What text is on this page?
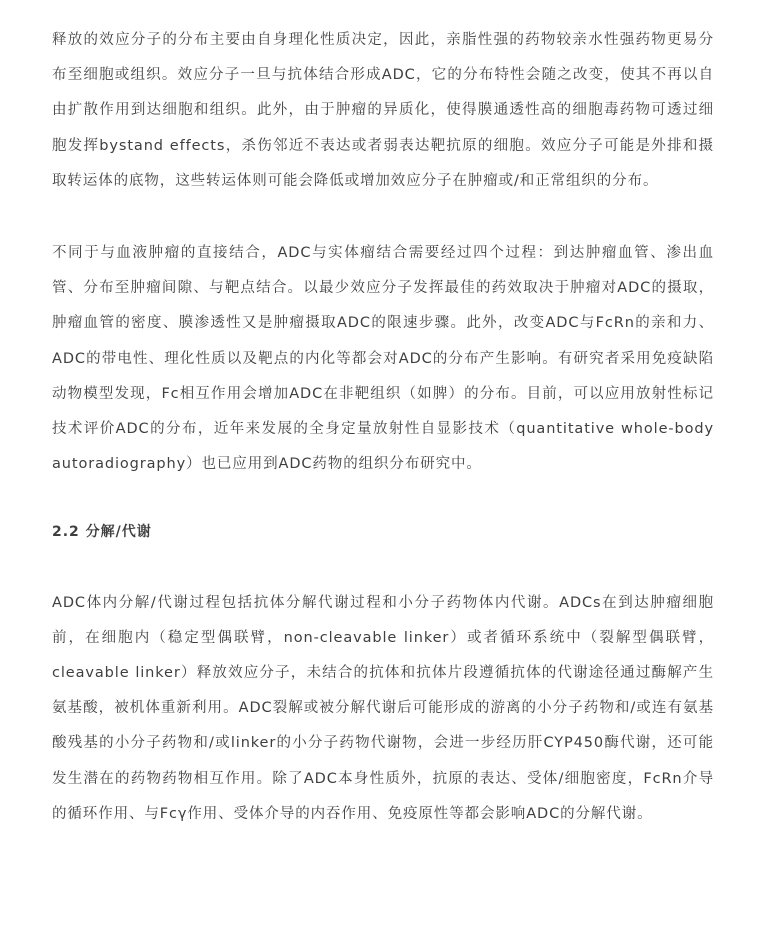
释放的效应分子的分布主要由自身理化性质决定，因此，亲脂性强的药物较亲水性强药物更易分布至细胞或组织。效应分子一旦与抗体结合形成ADC，它的分布特性会随之改变，使其不再以自由扩散作用到达细胞和组织。此外，由于肿瘤的异质化，使得膜通透性高的细胞毒药物可透过细胞发挥bystand effects，杀伤邻近不表达或者弱表达靶抗原的细胞。效应分子可能是外排和摄取转运体的底物，这些转运体则可能会降低或增加效应分子在肿瘤或/和正常组织的分布。

不同于与血液肿瘤的直接结合，ADC与实体瘤结合需要经过四个过程：到达肿瘤血管、渗出血管、分布至肿瘤间隙、与靶点结合。以最少效应分子发挥最佳的药效取决于肿瘤对ADC的摄取，肿瘤血管的密度、膜渗透性又是肿瘤摄取ADC的限速步骤。此外，改变ADC与FcRn的亲和力、ADC的带电性、理化性质以及靶点的内化等都会对ADC的分布产生影响。有研究者采用免疫缺陷动物模型发现，Fc相互作用会增加ADC在非靶组织（如脾）的分布。目前，可以应用放射性标记技术评价ADC的分布，近年来发展的全身定量放射性自显影技术（quantitative whole-body autoradiography）也已应用到ADC药物的组织分布研究中。

2.2 分解/代谢

ADC体内分解/代谢过程包括抗体分解代谢过程和小分子药物体内代谢。ADCs在到达肿瘤细胞前，在细胞内（稳定型偶联臂，non-cleavable linker）或者循环系统中（裂解型偶联臂，cleavable linker）释放效应分子，未结合的抗体和抗体片段遵循抗体的代谢途径通过酶解产生氨基酸，被机体重新利用。ADC裂解或被分解代谢后可能形成的游离的小分子药物和/或连有氨基酸残基的小分子药物和/或linker的小分子药物代谢物，会进一步经历肝CYP450酶代谢，还可能发生潜在的药物药物相互作用。除了ADC本身性质外，抗原的表达、受体/细胞密度，FcRn介导的循环作用、与Fcγ作用、受体介导的内吞作用、免疫原性等都会影响ADC的分解代谢。
